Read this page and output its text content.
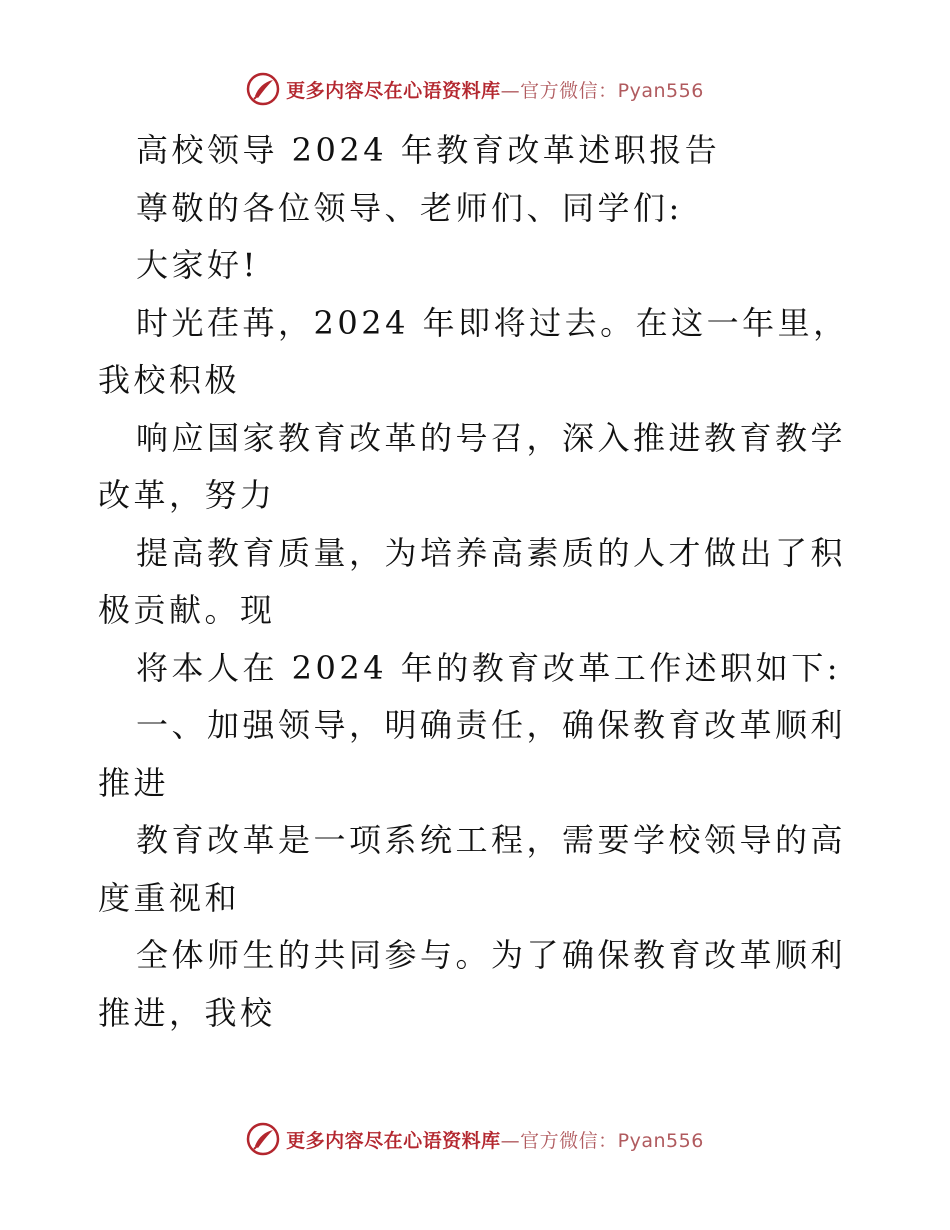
更多内容尽在心语资料库—官方微信：Pyan556

高校领导 2024 年教育改革述职报告

尊敬的各位领导、老师们、同学们:

大家好!

时光荏苒，2024 年即将过去。在这一年里，我校积极

响应国家教育改革的号召，深入推进教育教学改革，努力

提高教育质量，为培养高素质的人才做出了积极贡献。现

将本人在 2024 年的教育改革工作述职如下:

一、加强领导，明确责任，确保教育改革顺利推进

教育改革是一项系统工程，需要学校领导的高度重视和

全体师生的共同参与。为了确保教育改革顺利推进，我校

更多内容尽在心语资料库—官方微信：Pyan556
